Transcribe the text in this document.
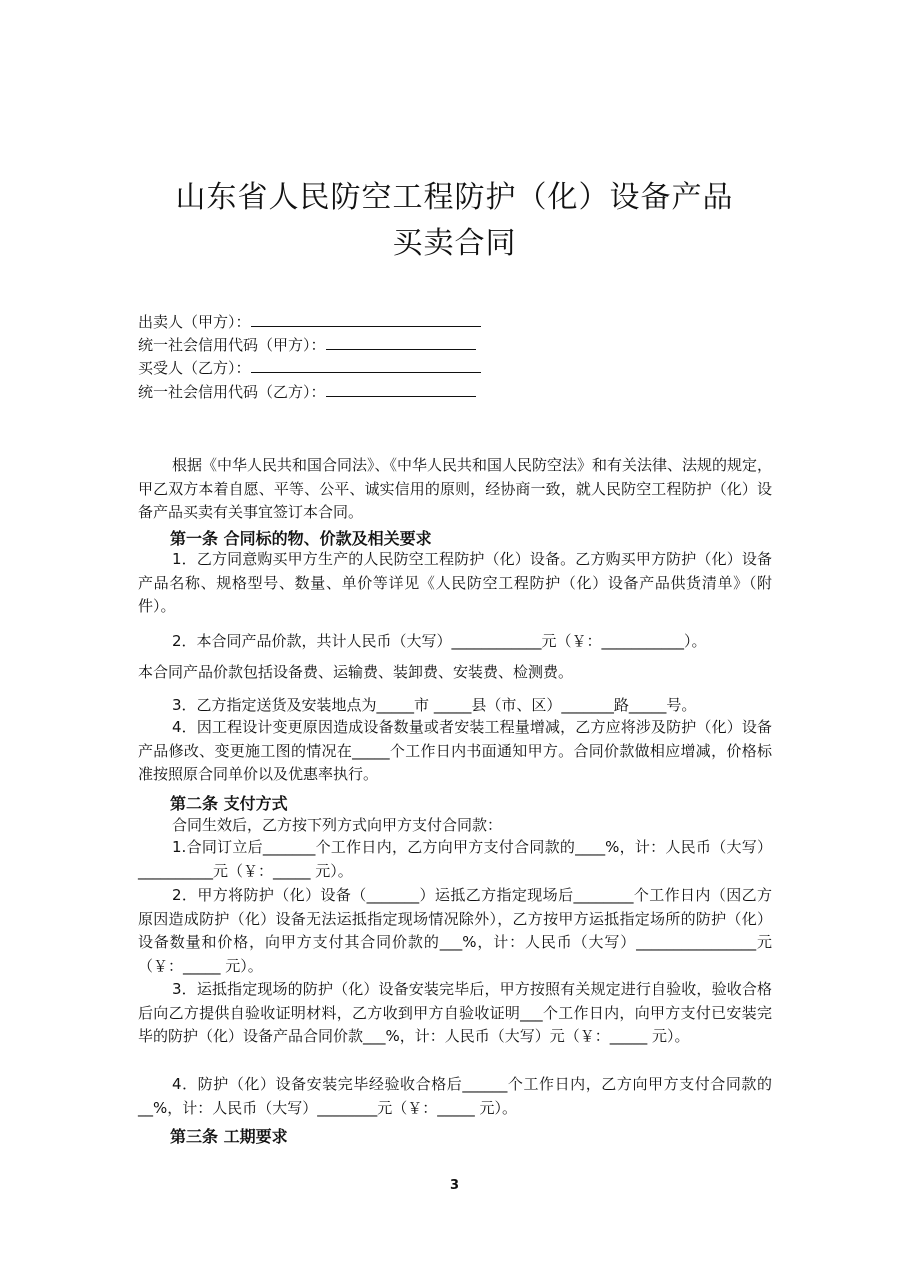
山东省人民防空工程防护（化）设备产品
买卖合同
出卖人（甲方）：
统一社会信用代码（甲方）：
买受人（乙方）：
统一社会信用代码（乙方）：
根据《中华人民共和国合同法》、《中华人民共和国人民防空法》和有关法律、法规的规定，甲乙双方本着自愿、平等、公平、诚实信用的原则，经协商一致，就人民防空工程防护（化）设备产品买卖有关事宜签订本合同。
第一条 合同标的物、价款及相关要求
1．乙方同意购买甲方生产的人民防空工程防护（化）设备。乙方购买甲方防护（化）设备产品名称、规格型号、数量、单价等详见《人民防空工程防护（化）设备产品供货清单》（附件）。
2．本合同产品价款，共计人民币（大写）____________元（￥：___________）。
本合同产品价款包括设备费、运输费、装卸费、安装费、检测费。
3．乙方指定送货及安装地点为_____市 _____县（市、区）_______路_____号。
4．因工程设计变更原因造成设备数量或者安装工程量增减，乙方应将涉及防护（化）设备产品修改、变更施工图的情况在_____个工作日内书面通知甲方。合同价款做相应增减，价格标准按照原合同单价以及优惠率执行。
第二条 支付方式
合同生效后，乙方按下列方式向甲方支付合同款：
1.合同订立后_______个工作日内，乙方向甲方支付合同款的____%，计：人民币（大写）__________元（￥：_____ 元）。
2．甲方将防护（化）设备（_______）运抵乙方指定现场后________个工作日内（因乙方原因造成防护（化）设备无法运抵指定现场情况除外），乙方按甲方运抵指定场所的防护（化）设备数量和价格，向甲方支付其合同价款的___%，计：人民币（大写）________________元（￥：_____ 元）。
3．运抵指定现场的防护（化）设备安装完毕后，甲方按照有关规定进行自验收，验收合格后向乙方提供自验收证明材料，乙方收到甲方自验收证明___个工作日内，向甲方支付已安装完毕的防护（化）设备产品合同价款___%，计：人民币（大写）元（￥：_____ 元）。
4．防护（化）设备安装完毕经验收合格后______个工作日内，乙方向甲方支付合同款的__%，计：人民币（大写）________元（￥：_____ 元）。
第三条 工期要求
3
